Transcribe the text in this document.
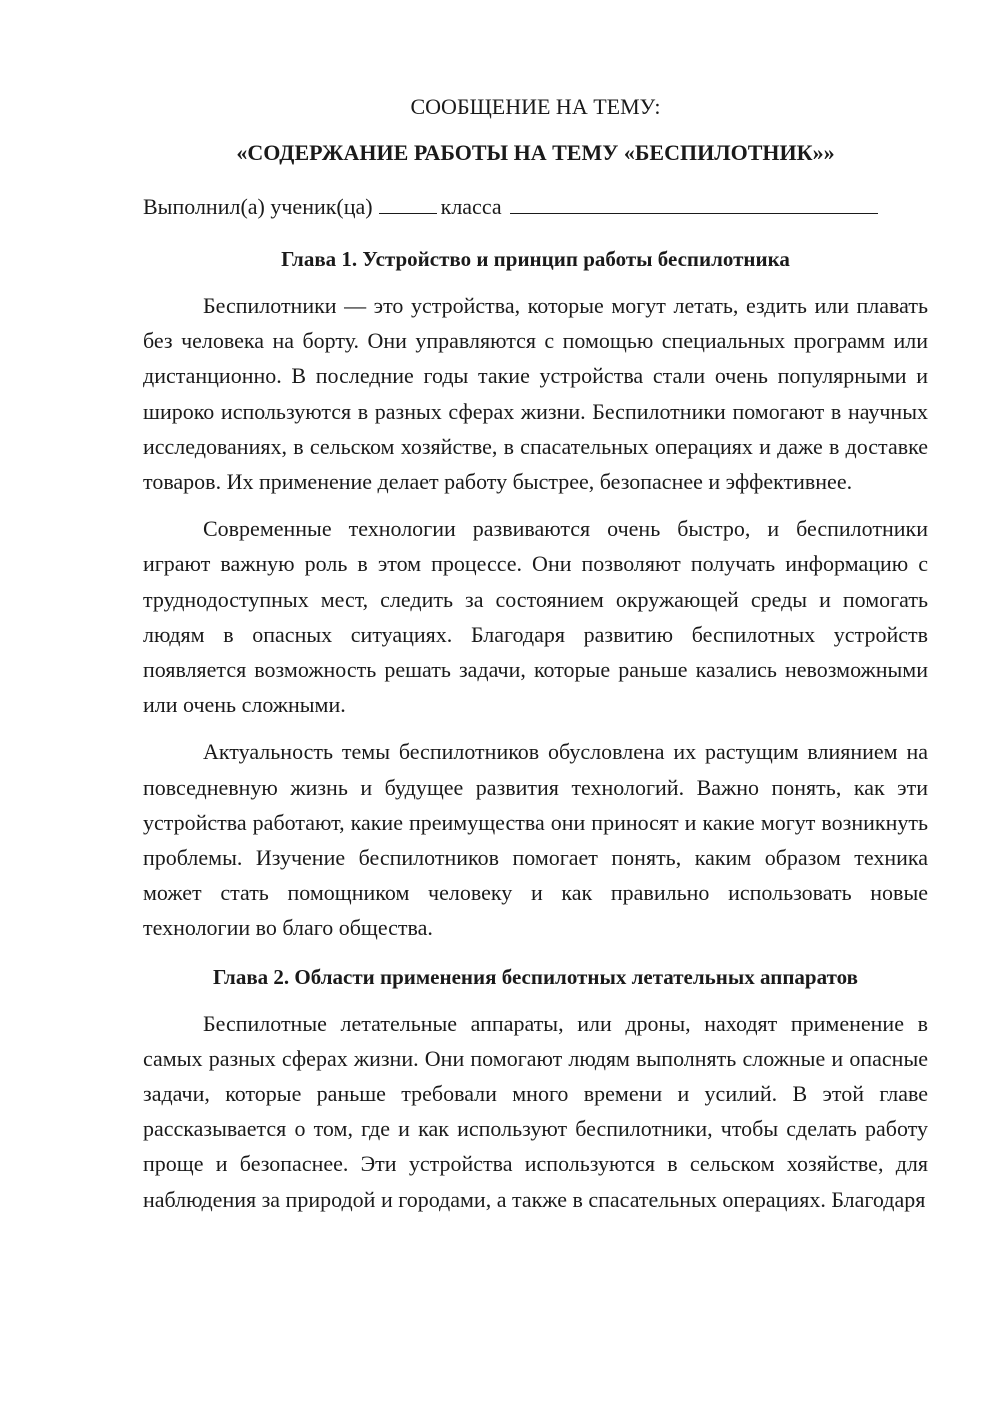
СООБЩЕНИЕ НА ТЕМУ:

«СОДЕРЖАНИЕ РАБОТЫ НА ТЕМУ «БЕСПИЛОТНИК»»

Выполнил(а) ученик(ца)	класса

Глава 1. Устройство и принцип работы беспилотника

Беспилотники — это устройства, которые могут летать, ездить или плавать без человека на борту. Они управляются с помощью специальных программ или дистанционно. В последние годы такие устройства стали очень популярными и широко используются в разных сферах жизни. Беспилотники помогают в научных исследованиях, в сельском хозяйстве, в спасательных операциях и даже в доставке товаров. Их применение делает работу быстрее, безопаснее и эффективнее.

Современные технологии развиваются очень быстро, и беспилотники играют важную роль в этом процессе. Они позволяют получать информацию с труднодоступных мест, следить за состоянием окружающей среды и помогать людям в опасных ситуациях. Благодаря развитию беспилотных устройств появляется возможность решать задачи, которые раньше казались невозможными или очень сложными.

Актуальность темы беспилотников обусловлена их растущим влиянием на повседневную жизнь и будущее развития технологий. Важно понять, как эти устройства работают, какие преимущества они приносят и какие могут возникнуть проблемы. Изучение беспилотников помогает понять, каким образом техника может стать помощником человеку и как правильно использовать новые технологии во благо общества.

Глава 2. Области применения беспилотных летательных аппаратов

Беспилотные летательные аппараты, или дроны, находят применение в самых разных сферах жизни. Они помогают людям выполнять сложные и опасные задачи, которые раньше требовали много времени и усилий. В этой главе рассказывается о том, где и как используют беспилотники, чтобы сделать работу проще и безопаснее. Эти устройства используются в сельском хозяйстве, для наблюдения за природой и городами, а также в спасательных операциях. Благодаря
